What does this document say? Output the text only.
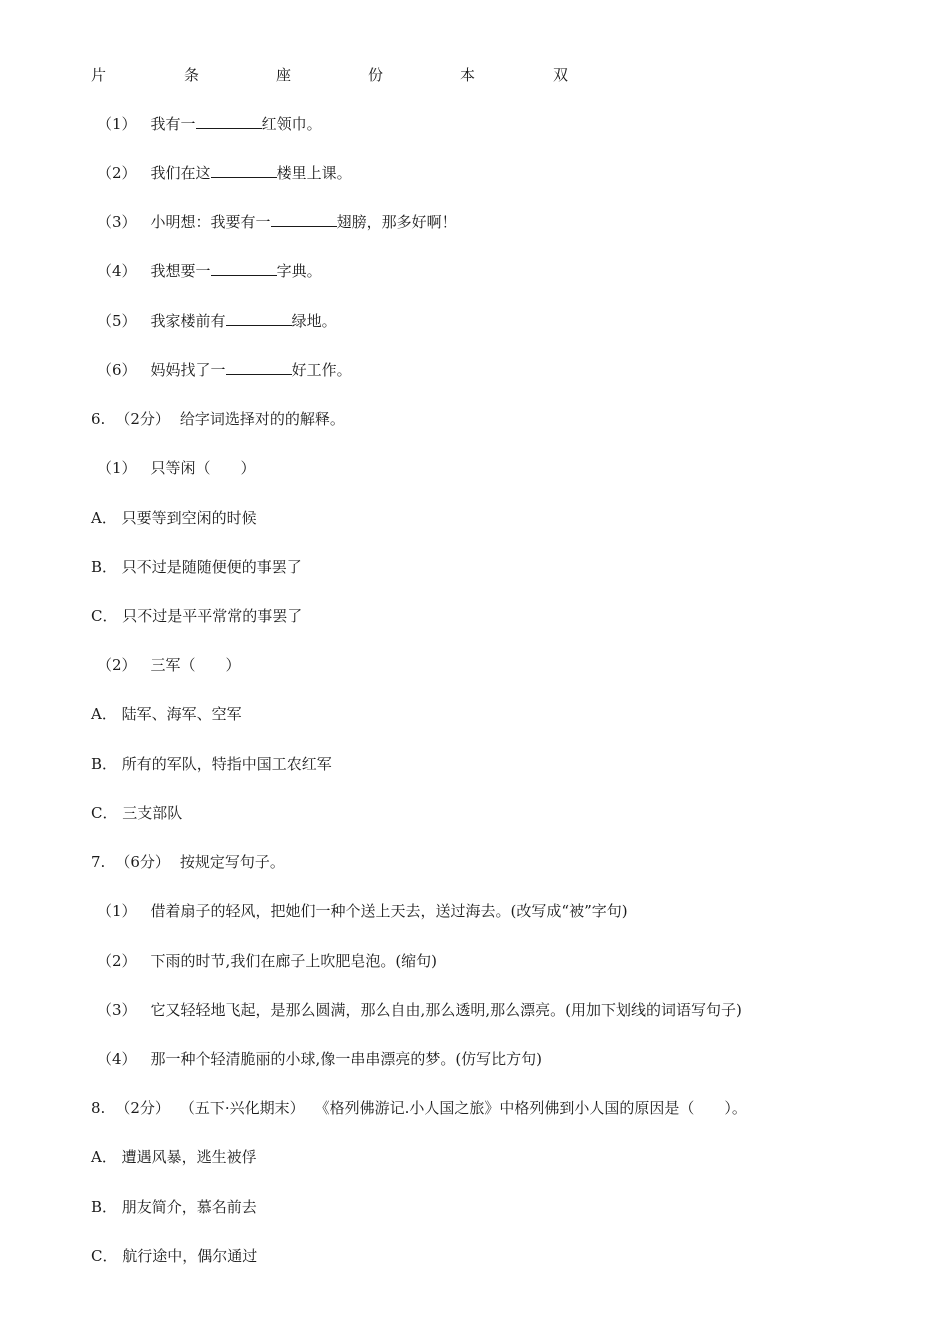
片	条	座	份	本	双
（1） 我有一	红领巾。
（2） 我们在这	楼里上课。
（3） 小明想：我要有一	翅膀，那多好啊！
（4） 我想要一	字典。
（5） 我家楼前有	绿地。
（6） 妈妈找了一	好工作。
6. （2分） 给字词选择对的的解释。
（1） 只等闲（　　）
A． 只要等到空闲的时候
B． 只不过是随随便便的事罢了
C． 只不过是平平常常的事罢了
（2） 三军（　　）
A． 陆军、海军、空军
B． 所有的军队，特指中国工农红军
C． 三支部队
7. （6分） 按规定写句子。
（1） 借着扇子的轻风，把她们一种个送上天去，送过海去。(改写成“被”字句)
（2） 下雨的时节,我们在廊子上吹肥皂泡。(缩句)
（3） 它又轻轻地飞起，是那么圆满，那么自由,那么透明,那么漂亮。(用加下划线的词语写句子)
（4） 那一种个轻清脆丽的小球,像一串串漂亮的梦。(仿写比方句)
8. （2分） （五下·兴化期末） 《格列佛游记.小人国之旅》中格列佛到小人国的原因是（　　）。
A． 遭遇风暴，逃生被俘
B． 朋友简介，慕名前去
C． 航行途中，偶尔通过
